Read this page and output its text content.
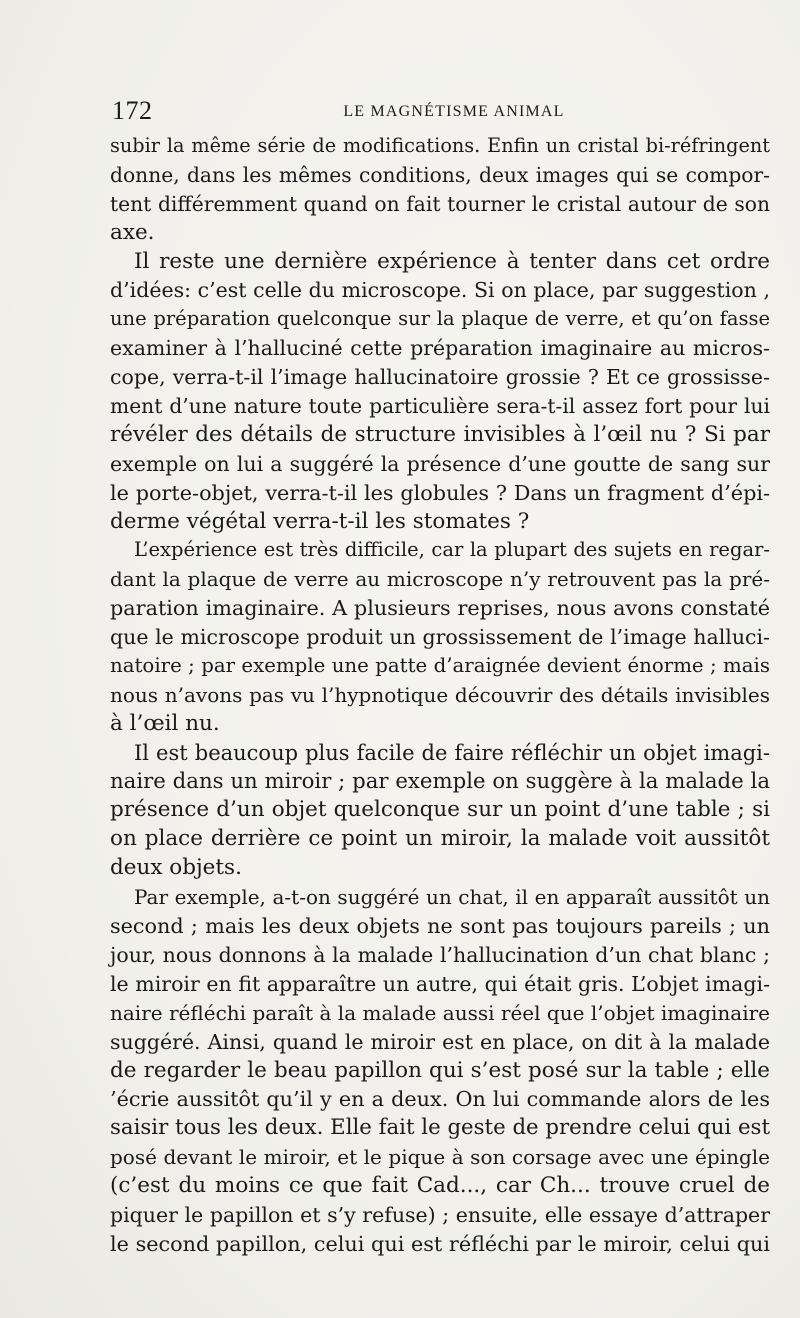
172	LE MAGNÉTISME ANIMAL
subir la même série de modifications. Enfin un cristal bi-réfringent
donne, dans les mêmes conditions, deux images qui se compor-
tent différemment quand on fait tourner le cristal autour de son
axe.
Il reste une dernière expérience à tenter dans cet ordre
d’idées: c’est celle du microscope. Si on place, par suggestion ,
une préparation quelconque sur la plaque de verre, et qu’on fasse
examiner à l’halluciné cette préparation imaginaire au micros-
cope, verra-t-il l’image hallucinatoire grossie ? Et ce grossisse-
ment d’une nature toute particulière sera-t-il assez fort pour lui
révéler des détails de structure invisibles à l’œil nu ? Si par
exemple on lui a suggéré la présence d’une goutte de sang sur
le porte-objet, verra-t-il les globules ? Dans un fragment d’épi-
derme végétal verra-t-il les stomates ?
L’expérience est très difficile, car la plupart des sujets en regar-
dant la plaque de verre au microscope n’y retrouvent pas la pré-
paration imaginaire. A plusieurs reprises, nous avons constaté
que le microscope produit un grossissement de l’image halluci-
natoire ; par exemple une patte d’araignée devient énorme ; mais
nous n’avons pas vu l’hypnotique découvrir des détails invisibles
à l’œil nu.
Il est beaucoup plus facile de faire réfléchir un objet imagi-
naire dans un miroir ; par exemple on suggère à la malade la
présence d’un objet quelconque sur un point d’une table ; si
on place derrière ce point un miroir, la malade voit aussitôt
deux objets.
Par exemple, a-t-on suggéré un chat, il en apparaît aussitôt un
second ; mais les deux objets ne sont pas toujours pareils ; un
jour, nous donnons à la malade l’hallucination d’un chat blanc ;
le miroir en fit apparaître un autre, qui était gris. L’objet imagi-
naire réfléchi paraît à la malade aussi réel que l’objet imaginaire
suggéré. Ainsi, quand le miroir est en place, on dit à la malade
de regarder le beau papillon qui s’est posé sur la table ; elle
’écrie aussitôt qu’il y en a deux. On lui commande alors de les
saisir tous les deux. Elle fait le geste de prendre celui qui est
posé devant le miroir, et le pique à son corsage avec une épingle
(c’est du moins ce que fait Cad..., car Ch... trouve cruel de
piquer le papillon et s’y refuse) ; ensuite, elle essaye d’attraper
le second papillon, celui qui est réfléchi par le miroir, celui qui
